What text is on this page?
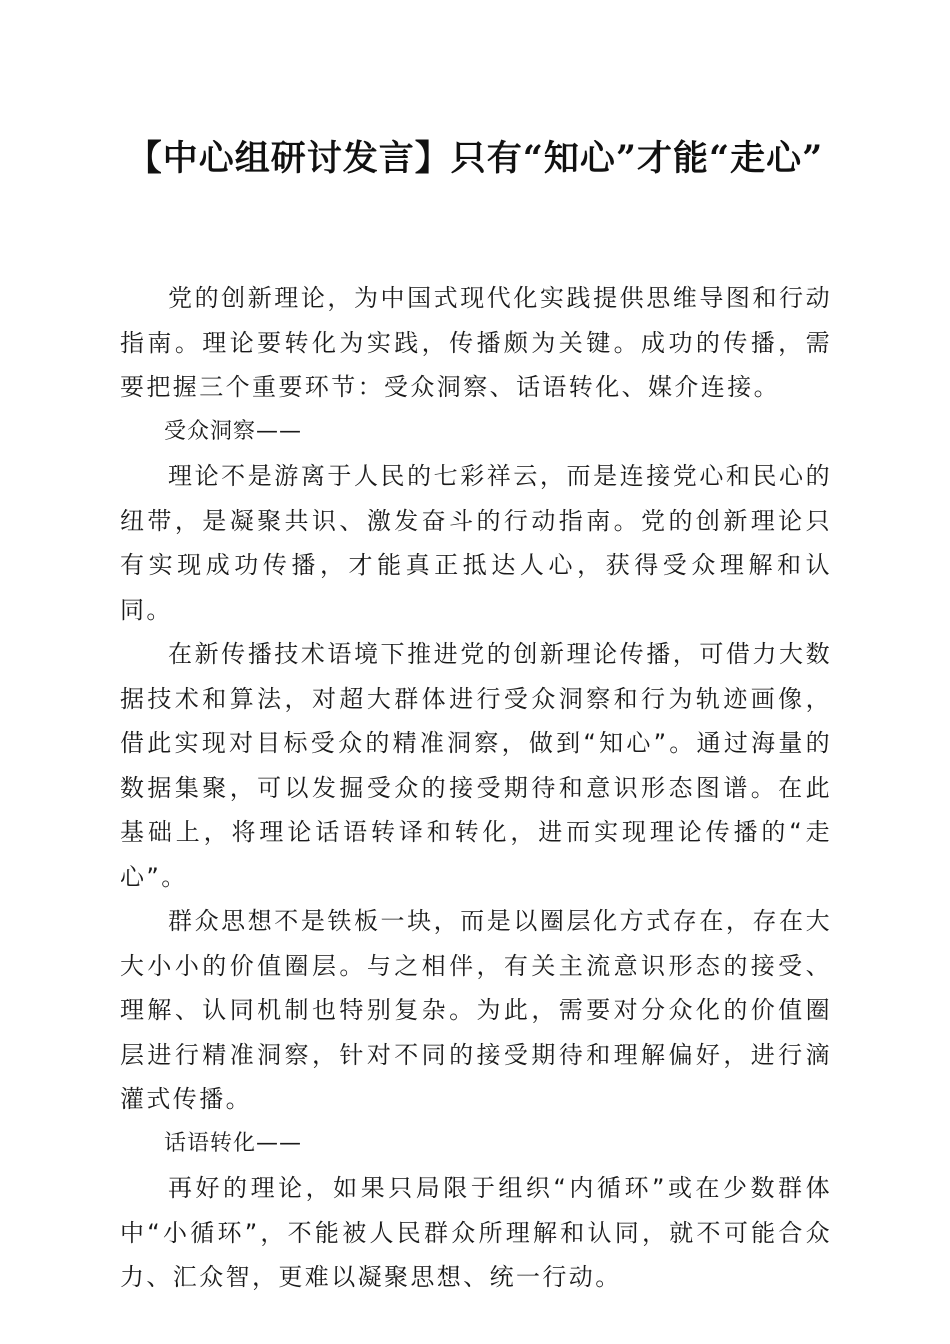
【中心组研讨发言】只有“知心”才能“走心”

党的创新理论，为中国式现代化实践提供思维导图和行动指南。理论要转化为实践，传播颇为关键。成功的传播，需要把握三个重要环节：受众洞察、话语转化、媒介连接。

受众洞察——

理论不是游离于人民的七彩祥云，而是连接党心和民心的纽带，是凝聚共识、激发奋斗的行动指南。党的创新理论只有实现成功传播，才能真正抵达人心，获得受众理解和认同。

在新传播技术语境下推进党的创新理论传播，可借力大数据技术和算法，对超大群体进行受众洞察和行为轨迹画像，借此实现对目标受众的精准洞察，做到“知心”。通过海量的数据集聚，可以发掘受众的接受期待和意识形态图谱。在此基础上，将理论话语转译和转化，进而实现理论传播的“走心”。

群众思想不是铁板一块，而是以圈层化方式存在，存在大大小小的价值圈层。与之相伴，有关主流意识形态的接受、理解、认同机制也特别复杂。为此，需要对分众化的价值圈层进行精准洞察，针对不同的接受期待和理解偏好，进行滴灌式传播。

话语转化——

再好的理论，如果只局限于组织“内循环”或在少数群体中“小循环”，不能被人民群众所理解和认同，就不可能合众力、汇众智，更难以凝聚思想、统一行动。
